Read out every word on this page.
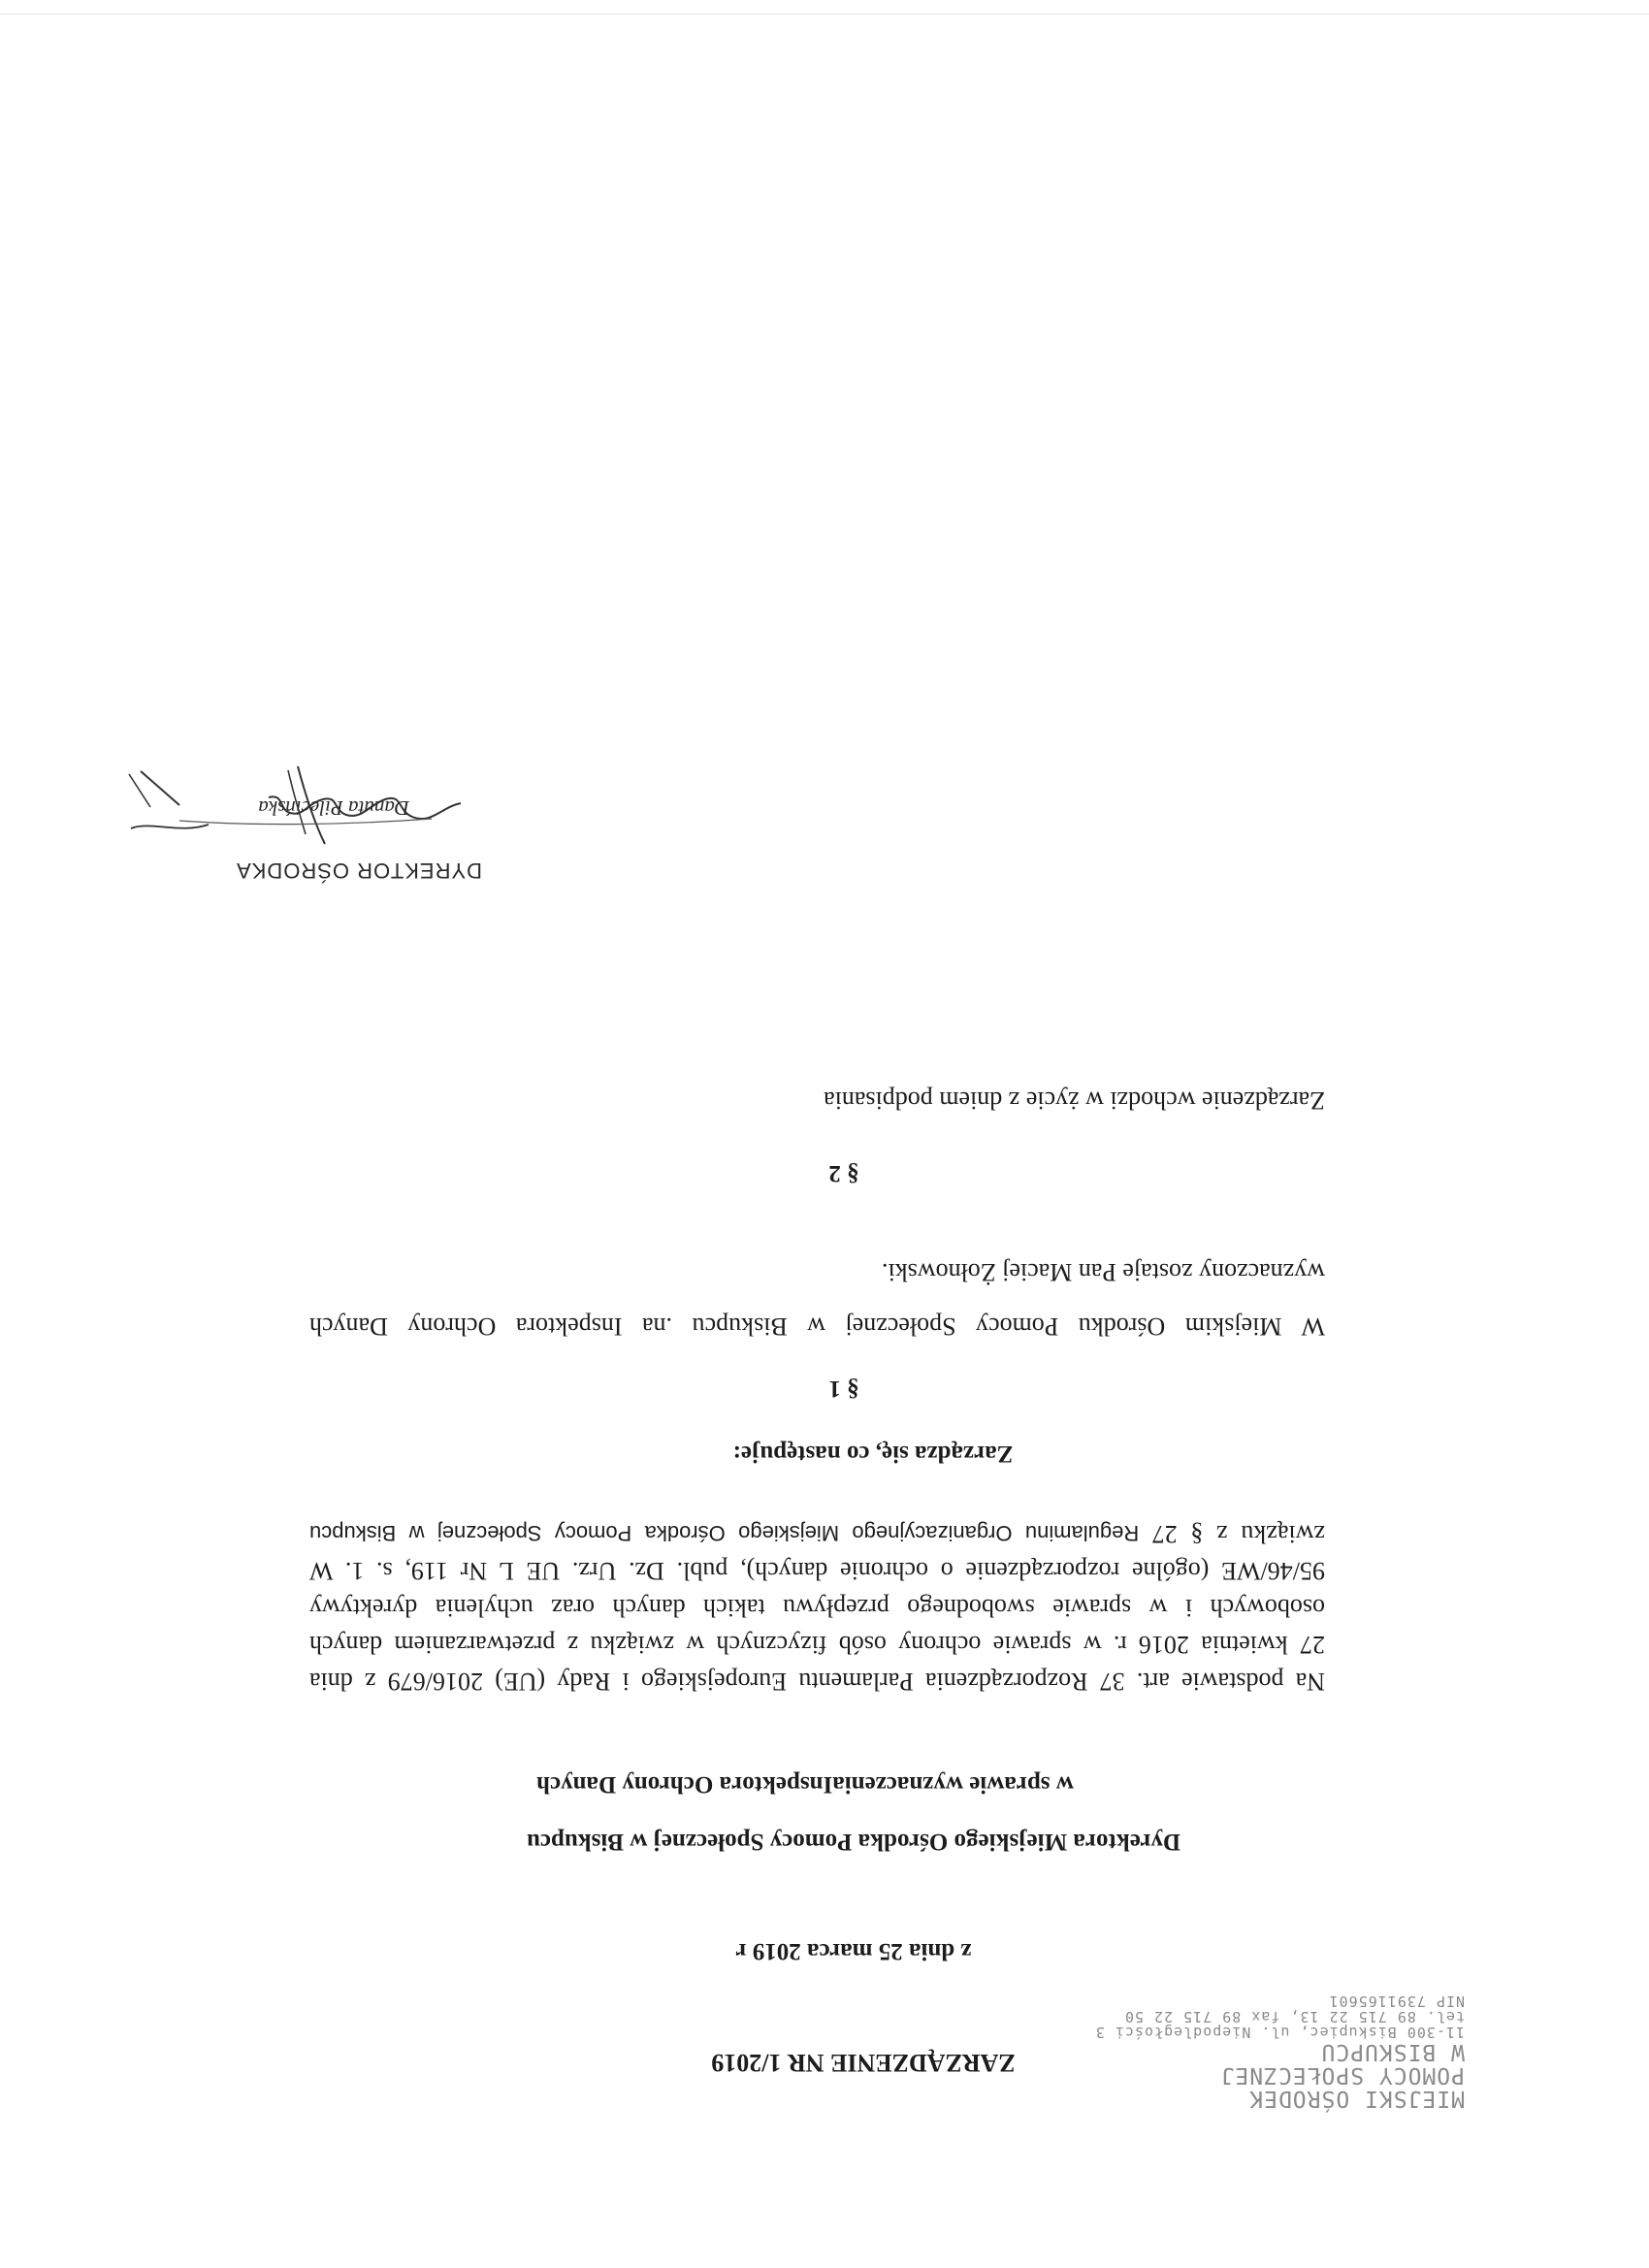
MIEJSKI OŚRODEK
POMOCY SPOŁECZNEJ
W BISKUPCU
11-300 Biskupiec, ul. Niepodległości 3
tel. 89 715 22 13, fax 89 715 22 50
NIP 7391165601
ZARZĄDZENIE NR 1/2019
z dnia 25 marca 2019 r
Dyrektora Miejskiego Ośrodka Pomocy Społecznej w Biskupcu
w sprawie wyznaczeniaInspektora Ochrony Danych
Na podstawie art. 37 Rozporządzenia Parlamentu Europejskiego i Rady (UE) 2016/679 z dnia
27 kwietnia 2016 r. w sprawie ochrony osób fizycznych w związku z przetwarzaniem danych
osobowych i w sprawie swobodnego przepływu takich danych oraz uchylenia dyrektywy
95/46/WE (ogólne rozporządzenie o ochronie danych), publ. Dz. Urz. UE L Nr 119, s. 1. W
związku z § 27 Regulaminu Organizacyjnego Miejskiego Ośrodka Pomocy Społecznej w Biskupcu
Zarządza się, co następuje:
§ 1
W Miejskim Ośrodku Pomocy Społecznej w Biskupcu .na Inspektora Ochrony Danych
wyznaczony zostaje Pan Maciej Żołnowski.
§ 2
Zarządzenie wchodzi w życie z dniem podpisania
DYREKTOR OŚRODKA
Danuta Pilecińska
